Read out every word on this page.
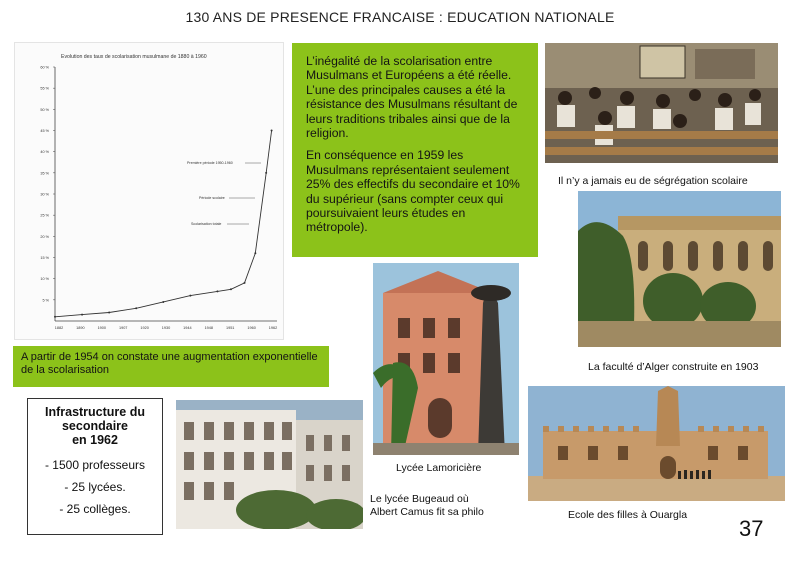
130 ANS DE PRESENCE FRANCAISE : EDUCATION NATIONALE
Evolution des taux de scolarisation musulmane de 1880 à 1960
5 %
10 %
15 %
20 %
25 %
30 %
35 %
40 %
45 %
50 %
55 %
60 %
1882	1890	1900	1907	1920	1930	1944	1948	1951	1960	1962
Première période 1950-1960
Période scolaire
Scolarisation totale

L’inégalité de la scolarisation entre Musulmans et Européens a été réelle. L’une des principales causes a été la résistance des Musulmans résultant de leurs traditions tribales ainsi que de la religion.

En conséquence en 1959 les Musulmans représentaient seulement 25% des effectifs du secondaire et 10% du supérieur (sans compter ceux qui poursuivaient leurs études en métropole).

A partir de 1954 on constate une augmentation exponentielle de la scolarisation
Infrastructure du
secondaire
en 1962
- 1500 professeurs
- 25 lycées.
- 25 collèges.
Il n’y a jamais eu de ségrégation scolaire
La faculté d’Alger construite en 1903
Lycée Lamoricière
Le lycée Bugeaud où
Albert Camus fit sa philo	Ecole des filles à Ouargla
37
